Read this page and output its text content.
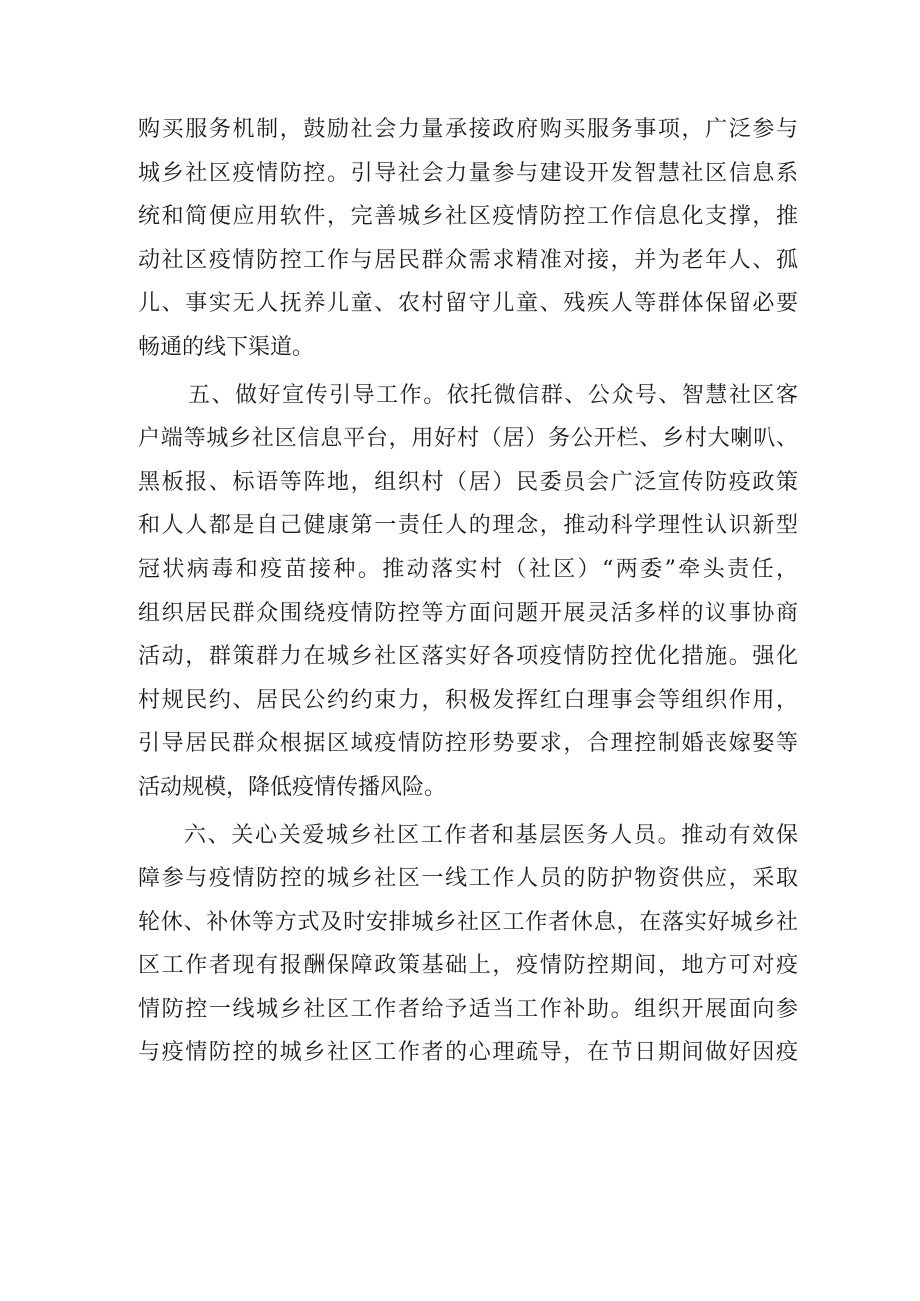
购买服务机制，鼓励社会力量承接政府购买服务事项，广泛参与
城乡社区疫情防控。引导社会力量参与建设开发智慧社区信息系
统和简便应用软件，完善城乡社区疫情防控工作信息化支撑，推
动社区疫情防控工作与居民群众需求精准对接，并为老年人、孤
儿、事实无人抚养儿童、农村留守儿童、残疾人等群体保留必要
畅通的线下渠道。
五、做好宣传引导工作。依托微信群、公众号、智慧社区客
户端等城乡社区信息平台，用好村（居）务公开栏、乡村大喇叭、
黑板报、标语等阵地，组织村（居）民委员会广泛宣传防疫政策
和人人都是自己健康第一责任人的理念，推动科学理性认识新型
冠状病毒和疫苗接种。推动落实村（社区）“两委”牵头责任，
组织居民群众围绕疫情防控等方面问题开展灵活多样的议事协商
活动，群策群力在城乡社区落实好各项疫情防控优化措施。强化
村规民约、居民公约约束力，积极发挥红白理事会等组织作用，
引导居民群众根据区域疫情防控形势要求，合理控制婚丧嫁娶等
活动规模，降低疫情传播风险。
六、关心关爱城乡社区工作者和基层医务人员。推动有效保
障参与疫情防控的城乡社区一线工作人员的防护物资供应，采取
轮休、补休等方式及时安排城乡社区工作者休息，在落实好城乡社
区工作者现有报酬保障政策基础上，疫情防控期间，地方可对疫
情防控一线城乡社区工作者给予适当工作补助。组织开展面向参
与疫情防控的城乡社区工作者的心理疏导，在节日期间做好因疫
